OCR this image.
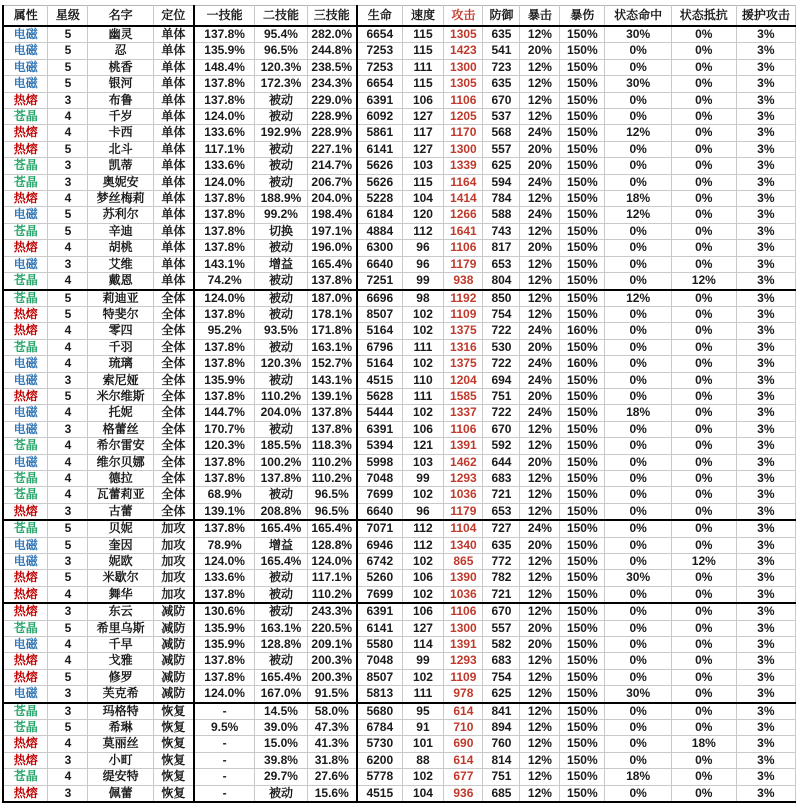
属性	星级	名字	定位	一技能	二技能	三技能	生命	速度	攻击	防御	暴击	暴伤	状态命中	状态抵抗	援护攻击
电磁	5	幽灵	单体	137.8%	95.4%	282.0%	6654	115	1305	635	12%	150%	30%	0%	3%
电磁	5	忍	单体	135.9%	96.5%	244.8%	7253	115	1423	541	20%	150%	0%	0%	3%
电磁	5	桃香	单体	148.4%	120.3%	238.5%	7253	111	1300	723	12%	150%	0%	0%	3%
电磁	5	银河	单体	137.8%	172.3%	234.3%	6654	115	1305	635	12%	150%	30%	0%	3%
热熔	3	布鲁	单体	137.8%	被动	229.0%	6391	106	1106	670	12%	150%	0%	0%	3%
苍晶	4	千岁	单体	124.0%	被动	228.9%	6092	127	1205	537	12%	150%	0%	0%	3%
热熔	4	卡西	单体	133.6%	192.9%	228.9%	5861	117	1170	568	24%	150%	12%	0%	3%
热熔	5	北斗	单体	117.1%	被动	227.1%	6141	127	1300	557	20%	150%	0%	0%	3%
苍晶	3	凯蒂	单体	133.6%	被动	214.7%	5626	103	1339	625	20%	150%	0%	0%	3%
苍晶	3	奥妮安	单体	124.0%	被动	206.7%	5626	115	1164	594	24%	150%	0%	0%	3%
热熔	4	梦丝梅莉	单体	137.8%	188.9%	204.0%	5228	104	1414	784	12%	150%	18%	0%	3%
电磁	5	苏利尔	单体	137.8%	99.2%	198.4%	6184	120	1266	588	24%	150%	12%	0%	3%
苍晶	5	辛迪	单体	137.8%	切换	197.1%	4884	112	1641	743	12%	150%	0%	0%	3%
热熔	4	胡桃	单体	137.8%	被动	196.0%	6300	96	1106	817	20%	150%	0%	0%	3%
电磁	3	艾维	单体	143.1%	增益	165.4%	6640	96	1179	653	12%	150%	0%	0%	3%
苍晶	4	戴恩	单体	74.2%	被动	137.8%	7251	99	938	804	12%	150%	0%	12%	3%
苍晶	5	莉迪亚	全体	124.0%	被动	187.0%	6696	98	1192	850	12%	150%	12%	0%	3%
热熔	5	特斐尔	全体	137.8%	被动	178.1%	8507	102	1109	754	12%	150%	0%	0%	3%
热熔	4	零四	全体	95.2%	93.5%	171.8%	5164	102	1375	722	24%	160%	0%	0%	3%
苍晶	4	千羽	全体	137.8%	被动	163.1%	6796	111	1316	530	20%	150%	0%	0%	3%
电磁	4	琉璃	全体	137.8%	120.3%	152.7%	5164	102	1375	722	24%	160%	0%	0%	3%
电磁	3	索尼娅	全体	135.9%	被动	143.1%	4515	110	1204	694	24%	150%	0%	0%	3%
热熔	5	米尔维斯	全体	137.8%	110.2%	139.1%	5628	111	1585	751	20%	150%	0%	0%	3%
电磁	4	托妮	全体	144.7%	204.0%	137.8%	5444	102	1337	722	24%	150%	18%	0%	3%
电磁	3	格蕾丝	全体	170.7%	被动	137.8%	6391	106	1106	670	12%	150%	0%	0%	3%
苍晶	4	希尔雷安	全体	120.3%	185.5%	118.3%	5394	121	1391	592	12%	150%	0%	0%	3%
电磁	4	维尔贝娜	全体	137.8%	100.2%	110.2%	5998	103	1462	644	20%	150%	0%	0%	3%
苍晶	4	德拉	全体	137.8%	137.8%	110.2%	7048	99	1293	683	12%	150%	0%	0%	3%
苍晶	4	瓦蕾莉亚	全体	68.9%	被动	96.5%	7699	102	1036	721	12%	150%	0%	0%	3%
热熔	3	古蕾	全体	139.1%	208.8%	96.5%	6640	96	1179	653	12%	150%	0%	0%	3%
苍晶	5	贝妮	加攻	137.8%	165.4%	165.4%	7071	112	1104	727	24%	150%	0%	0%	3%
电磁	5	奎因	加攻	78.9%	增益	128.8%	6946	112	1340	635	20%	150%	0%	0%	3%
电磁	3	妮欧	加攻	124.0%	165.4%	124.0%	6742	102	865	772	12%	150%	0%	12%	3%
热熔	5	米歇尔	加攻	133.6%	被动	117.1%	5260	106	1390	782	12%	150%	30%	0%	3%
热熔	4	舞华	加攻	137.8%	被动	110.2%	7699	102	1036	721	12%	150%	0%	0%	3%
热熔	3	东云	减防	130.6%	被动	243.3%	6391	106	1106	670	12%	150%	0%	0%	3%
苍晶	5	希里乌斯	减防	135.9%	163.1%	220.5%	6141	127	1300	557	20%	150%	0%	0%	3%
电磁	4	千早	减防	135.9%	128.8%	209.1%	5580	114	1391	582	20%	150%	0%	0%	3%
热熔	4	戈雅	减防	137.8%	被动	200.3%	7048	99	1293	683	12%	150%	0%	0%	3%
热熔	5	修罗	减防	137.8%	165.4%	200.3%	8507	102	1109	754	12%	150%	0%	0%	3%
电磁	3	芙克希	减防	124.0%	167.0%	91.5%	5813	111	978	625	12%	150%	30%	0%	3%
苍晶	3	玛格特	恢复	-	14.5%	58.0%	5680	95	614	841	12%	150%	0%	0%	3%
苍晶	5	希琳	恢复	9.5%	39.0%	47.3%	6784	91	710	894	12%	150%	0%	0%	3%
热熔	4	莫丽丝	恢复	-	15.0%	41.3%	5730	101	690	760	12%	150%	0%	18%	3%
热熔	3	小町	恢复	-	39.8%	31.8%	6200	88	614	814	12%	150%	0%	0%	3%
苍晶	4	缇安特	恢复	-	29.7%	27.6%	5778	102	677	751	12%	150%	18%	0%	3%
热熔	3	佩蕾	恢复	-	被动	15.6%	4515	104	936	685	12%	150%	0%	0%	3%
